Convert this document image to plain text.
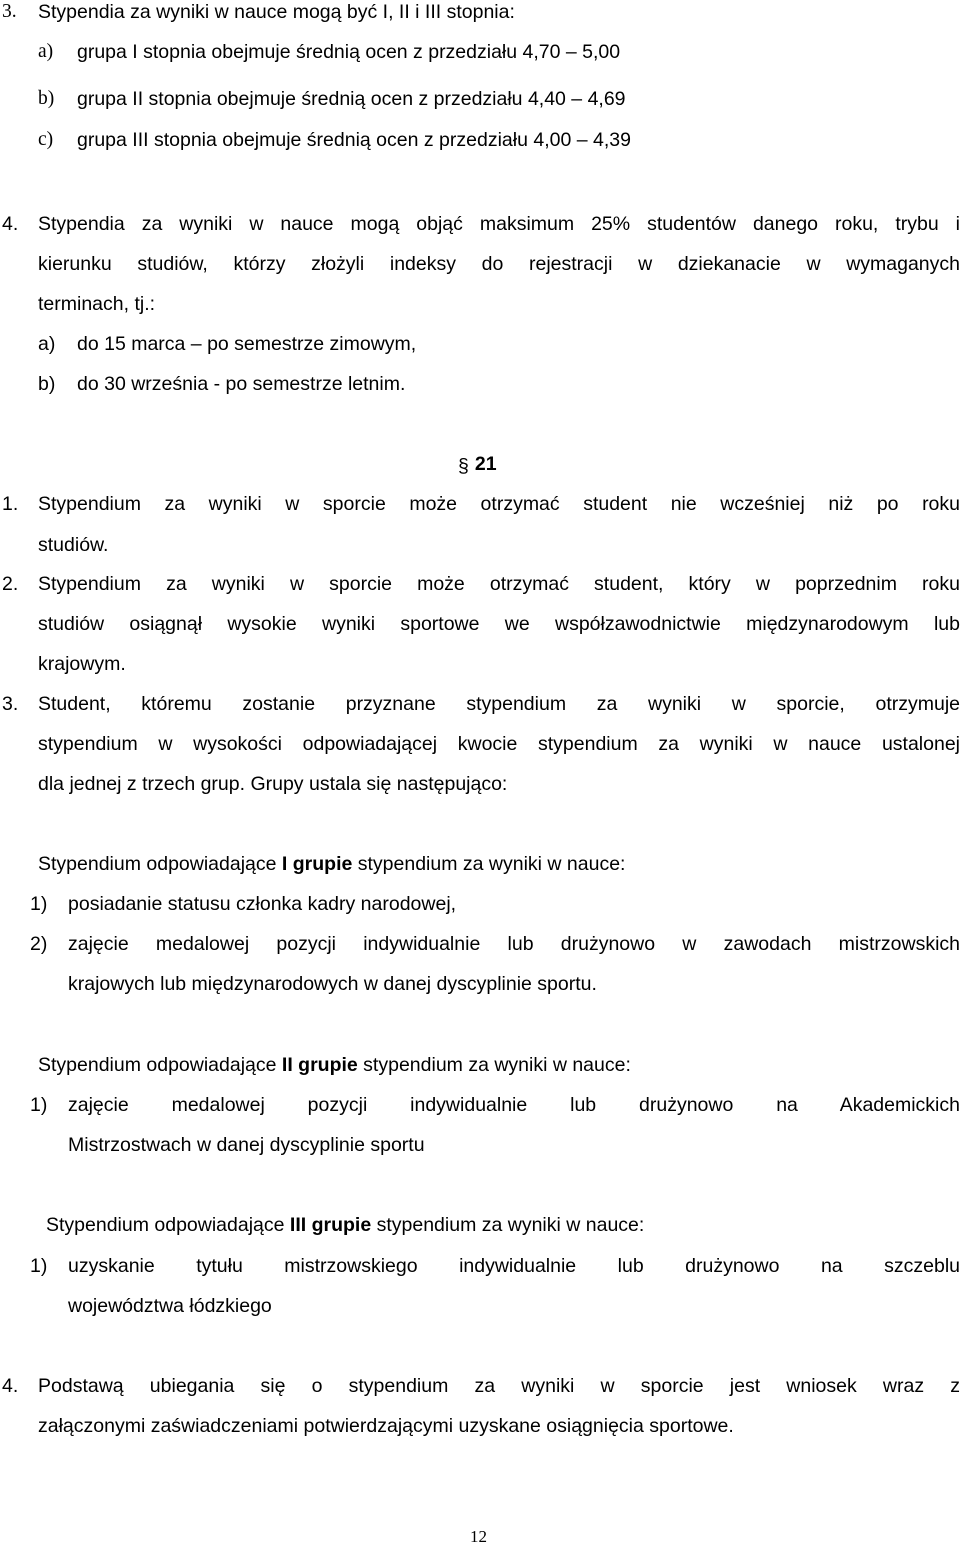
3. Stypendia za wyniki w nauce mogą być I, II i III stopnia:
a) grupa I stopnia obejmuje średnią ocen z przedziału 4,70 – 5,00
b) grupa II stopnia obejmuje średnią ocen z przedziału 4,40 – 4,69
c) grupa III stopnia obejmuje średnią ocen z przedziału 4,00 – 4,39
4. Stypendia za wyniki w nauce mogą objąć maksimum 25% studentów danego roku, trybu i
kierunku studiów, którzy złożyli indeksy do rejestracji w dziekanacie w wymaganych
terminach, tj.:
a) do 15 marca – po semestrze zimowym,
b) do 30 września - po semestrze letnim.
§ 21
1. Stypendium za wyniki w sporcie może otrzymać student nie wcześniej niż po roku
studiów.
2. Stypendium za wyniki w sporcie może otrzymać student, który w poprzednim roku
studiów osiągnął wysokie wyniki sportowe we współzawodnictwie międzynarodowym lub
krajowym.
3. Student, któremu zostanie przyznane stypendium za wyniki w sporcie, otrzymuje
stypendium w wysokości odpowiadającej kwocie stypendium za wyniki w nauce ustalonej
dla jednej z trzech grup. Grupy ustala się następująco:
Stypendium odpowiadające I grupie stypendium za wyniki w nauce:
1) posiadanie statusu członka kadry narodowej,
2) zajęcie medalowej pozycji indywidualnie lub drużynowo w zawodach mistrzowskich
krajowych lub międzynarodowych w danej dyscyplinie sportu.
Stypendium odpowiadające II grupie stypendium za wyniki w nauce:
1) zajęcie medalowej pozycji indywidualnie lub drużynowo na Akademickich
Mistrzostwach w danej dyscyplinie sportu
Stypendium odpowiadające III grupie stypendium za wyniki w nauce:
1) uzyskanie tytułu mistrzowskiego indywidualnie lub drużynowo na szczeblu
województwa łódzkiego
4. Podstawą ubiegania się o stypendium za wyniki w sporcie jest wniosek wraz z
załączonymi zaświadczeniami potwierdzającymi uzyskane osiągnięcia sportowe.
12
